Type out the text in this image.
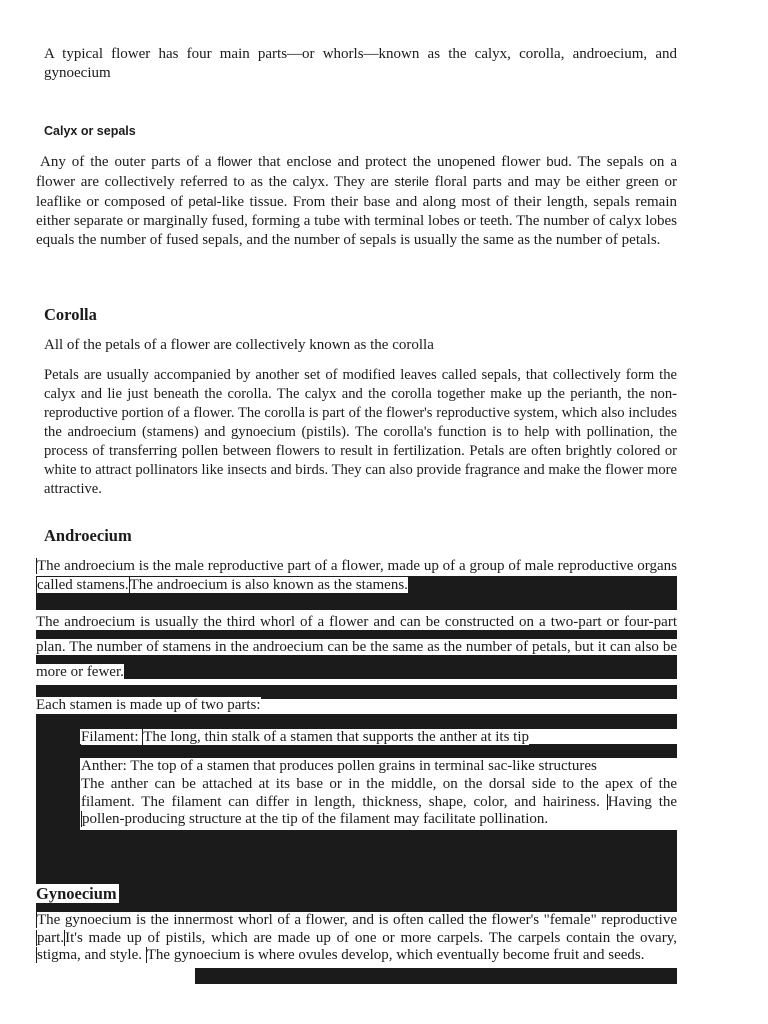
A typical flower has four main parts—or whorls—known as the calyx, corolla, androecium, and gynoecium

Calyx or sepals

Any of the outer parts of a flower that enclose and protect the unopened flower bud. The sepals on a flower are collectively referred to as the calyx. They are sterile floral parts and may be either green or leaflike or composed of petal-like tissue. From their base and along most of their length, sepals remain either separate or marginally fused, forming a tube with terminal lobes or teeth. The number of calyx lobes equals the number of fused sepals, and the number of sepals is usually the same as the number of petals.

Corolla

All of the petals of a flower are collectively known as the corolla

Petals are usually accompanied by another set of modified leaves called sepals, that collectively form the calyx and lie just beneath the corolla. The calyx and the corolla together make up the perianth, the non-reproductive portion of a flower. The corolla is part of the flower's reproductive system, which also includes the androecium (stamens) and gynoecium (pistils). The corolla's function is to help with pollination, the process of transferring pollen between flowers to result in fertilization. Petals are often brightly colored or white to attract pollinators like insects and birds. They can also provide fragrance and make the flower more attractive.

Androecium

The androecium is the male reproductive part of a flower, made up of a group of male reproductive organs called stamens.The androecium is also known as the stamens.

The androecium is usually the third whorl of a flower and can be constructed on a two-part or four-part plan. The number of stamens in the androecium can be the same as the number of petals, but it can also be more or fewer.

Each stamen is made up of two parts:

Filament: The long, thin stalk of a stamen that supports the anther at its tip

Anther: The top of a stamen that produces pollen grains in terminal sac-like structures

The anther can be attached at its base or in the middle, on the dorsal side to the apex of the filament. The filament can differ in length, thickness, shape, color, and hairiness. Having the pollen-producing structure at the tip of the filament may facilitate pollination.

Gynoecium

The gynoecium is the innermost whorl of a flower, and is often called the flower's "female" reproductive part.It's made up of pistils, which are made up of one or more carpels. The carpels contain the ovary, stigma, and style. The gynoecium is where ovules develop, which eventually become fruit and seeds.
